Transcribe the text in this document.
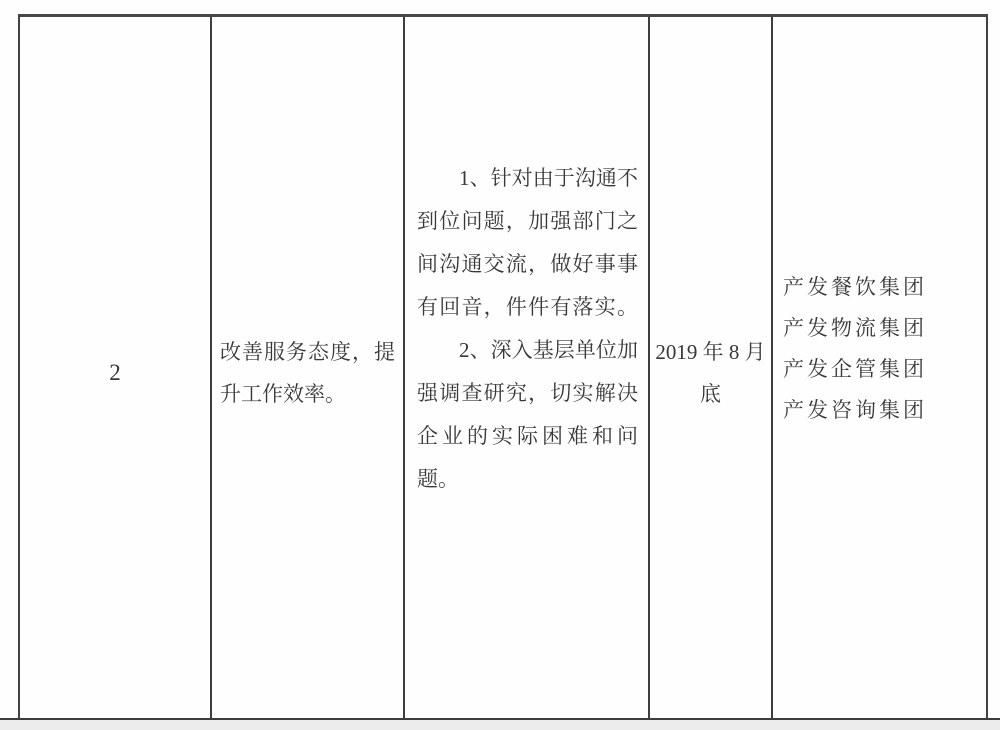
2
改善服务态度，提
升工作效率。
1、针对由于沟通不
到位问题，加强部门之
间沟通交流，做好事事
有回音，件件有落实。
2、深入基层单位加
强调查研究，切实解决
企业的实际困难和问
题。
2019 年 8 月
底
产发餐饮集团
产发物流集团
产发企管集团
产发咨询集团
